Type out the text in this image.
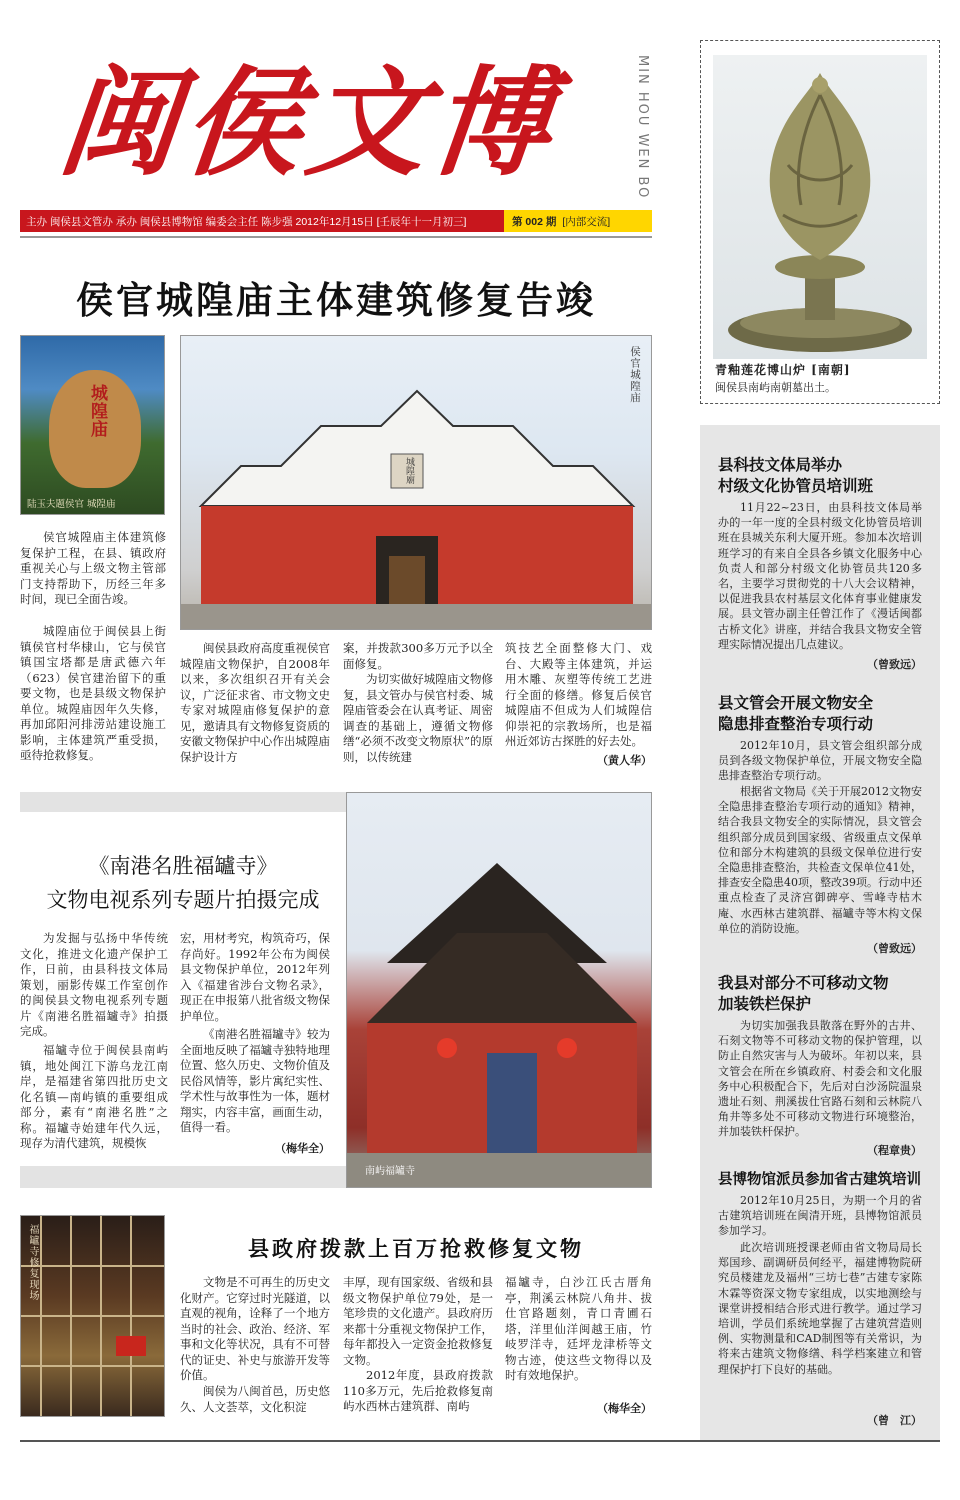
闽侯文博	MIN HOU WEN BO
主办 闽侯县文管办 承办 闽侯县博物馆 编委会主任 陈步强 2012年12月15日 [壬辰年十一月初三]	第 002 期 [内部交流]
青釉莲花博山炉 [南朝]
闽侯县南屿南朝墓出土。
侯官城隍庙主体建筑修复告竣
城隍庙
陆玉夫题侯官 城隍庙
城隍廟
侯官城隍庙
侯官城隍庙主体建筑修复保护工程，在县、镇政府重视关心与上级文物主管部门支持帮助下，历经三年多时间，现已全面告竣。
城隍庙位于闽侯县上街镇侯官村华棣山，它与侯官镇国宝塔都是唐武德六年（623）侯官建治留下的重要文物，也是县级文物保护单位。城隍庙因年久失修，再加邱阳河排涝站建设施工影响，主体建筑严重受损，亟待抢救修复。
闽侯县政府高度重视侯官城隍庙文物保护，自2008年以来，多次组织召开有关会议，广泛征求省、市文物文史专家对城隍庙修复保护的意见，邀请具有文物修复资质的安徽文物保护中心作出城隍庙保护设计方
案，并拨款300多万元予以全面修复。
为切实做好城隍庙文物修复，县文管办与侯官村委、城隍庙管委会在认真考证、周密调查的基础上，遵循文物修缮“必须不改变文物原状”的原则，以传统建
筑技艺全面整修大门、戏台、大殿等主体建筑，并运用木雕、灰塑等传统工艺进行全面的修缮。修复后侯官城隍庙不但成为人们城隍信仰崇祀的宗教场所，也是福州近郊访古探胜的好去处。
（黄人华）
《南港名胜福罏寺》
文物电视系列专题片拍摄完成
南屿福罏寺
为发掘与弘扬中华传统文化，推进文化遗产保护工作，日前，由县科技文体局策划，丽影传媒工作室创作的闽侯县文物电视系列专题片《南港名胜福罏寺》拍摄完成。
福罏寺位于闽侯县南屿镇，地处闽江下游乌龙江南岸，是福建省第四批历史文化名镇—南屿镇的重要组成部分，素有“南港名胜”之称。福罏寺始建年代久远，现存为清代建筑，规模恢
宏，用材考究，构筑奇巧，保存尚好。1992年公布为闽侯县文物保护单位，2012年列入《福建省涉台文物名录》，现正在申报第八批省级文物保护单位。
《南港名胜福罏寺》较为全面地反映了福罏寺独特地理位置、悠久历史、文物价值及民俗风情等，影片寓纪实性、学术性与故事性为一体，题材翔实，内容丰富，画面生动，值得一看。
（梅华全）
福罏寺修复现场	县政府拨款上百万抢救修复文物
文物是不可再生的历史文化财产。它穿过时光隧道，以直观的视角，诠释了一个地方当时的社会、政治、经济、军事和文化等状况，具有不可替代的证史、补史与旅游开发等价值。
闽侯为八闽首邑，历史悠久、人文荟萃，文化积淀
丰厚，现有国家级、省级和县级文物保护单位79处，是一笔珍贵的文化遗产。县政府历来都十分重视文物保护工作，每年都投入一定资金抢救修复文物。
2012年度，县政府拨款110多万元，先后抢救修复南屿水西林古建筑群、南屿
福罏寺，白沙江氏古厝角亭，荆溪云林院八角井、拔仕官路题刻，青口青圃石塔，洋里仙洋闽越王庙，竹岐罗洋寺，廷坪龙津桥等文物古迹，使这些文物得以及时有效地保护。
（梅华全）
县科技文体局举办
村级文化协管员培训班
11月22~23日，由县科技文体局举办的一年一度的全县村级文化协管员培训班在县城关东利大厦开班。参加本次培训班学习的有来自全县各乡镇文化服务中心负责人和部分村级文化协管员共120多名，主要学习贯彻党的十八大会议精神，以促进我县农村基层文化体育事业健康发展。县文管办副主任曾江作了《漫话闽都古桥文化》讲座，并结合我县文物安全管理实际情况提出几点建议。
（曾致远）
县文管会开展文物安全
隐患排查整治专项行动
2012年10月，县文管会组织部分成员到各级文物保护单位，开展文物安全隐患排查整治专项行动。
根据省文物局《关于开展2012文物安全隐患排查整治专项行动的通知》精神，结合我县文物安全的实际情况，县文管会组织部分成员到国家级、省级重点文保单位和部分木构建筑的县级文保单位进行安全隐患排查整治，共检查文保单位41处，排查安全隐患40项，整改39项。行动中还重点检查了灵济宫御碑亭、雪峰寺枯木庵、水西林古建筑群、福罏寺等木构文保单位的消防设施。
（曾致远）
我县对部分不可移动文物
加装铁栏保护
为切实加强我县散落在野外的古井、石刻文物等不可移动文物的保护管理，以防止自然灾害与人为破坏。年初以来，县文管会在所在乡镇政府、村委会和文化服务中心积极配合下，先后对白沙汤院温泉遗址石刻、荆溪拔仕官路石刻和云林院八角井等多处不可移动文物进行环境整治，并加装铁杆保护。
（程章贵）
县博物馆派员参加省古建筑培训
2012年10月25日，为期一个月的省古建筑培训班在闽清开班，县博物馆派员参加学习。
此次培训班授课老师由省文物局局长郑国珍、副调研员何经平，福建博物院研究员楼建龙及福州“三坊七巷”古建专家陈木霖等资深文物专家组成，以实地测绘与课堂讲授相结合形式进行教学。通过学习培训，学员们系统地掌握了古建筑营造则例、实物测量和CAD制图等有关常识，为将来古建筑文物修缮、科学档案建立和管理保护打下良好的基础。
（曾　江）
